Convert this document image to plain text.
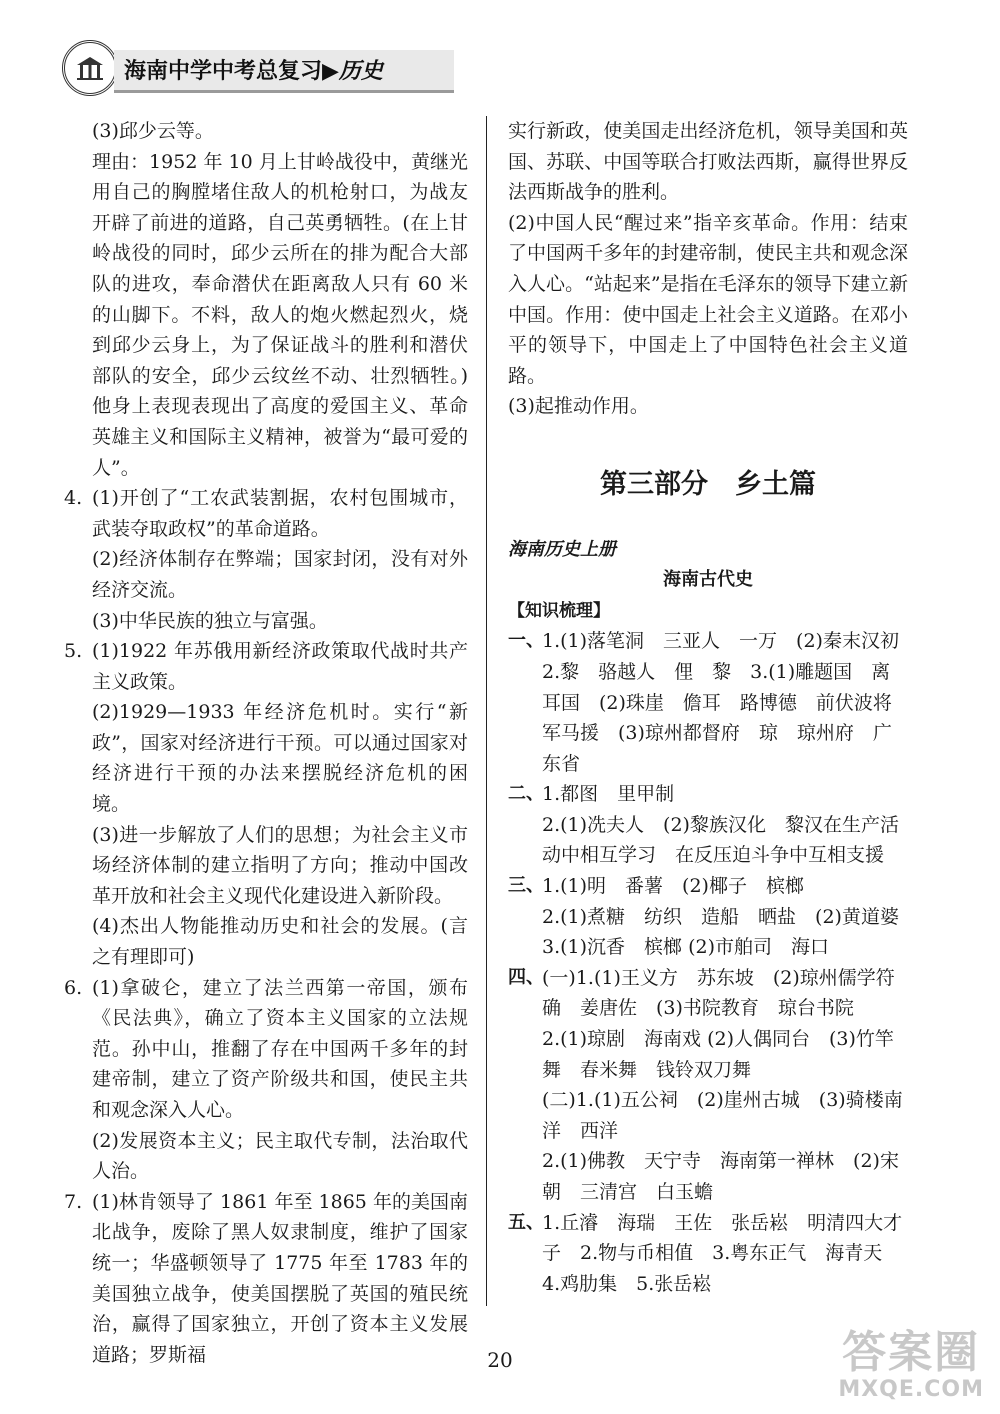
海南中学中考总复习▶历史

(3)邱少云等。

理由：1952 年 10 月上甘岭战役中，黄继光用自己的胸膛堵住敌人的机枪射口，为战友开辟了前进的道路，自己英勇牺牲。(在上甘岭战役的同时，邱少云所在的排为配合大部队的进攻，奉命潜伏在距离敌人只有 60 米的山脚下。不料，敌人的炮火燃起烈火，烧到邱少云身上，为了保证战斗的胜利和潜伏部队的安全，邱少云纹丝不动、壮烈牺牲。)他身上表现表现出了高度的爱国主义、革命英雄主义和国际主义精神，被誉为“最可爱的人”。

4. (1)开创了“工农武装割据，农村包围城市，武装夺取政权”的革命道路。

(2)经济体制存在弊端；国家封闭，没有对外经济交流。

(3)中华民族的独立与富强。

5. (1)1922 年苏俄用新经济政策取代战时共产主义政策。

(2)1929—1933 年经济危机时。实行“新政”，国家对经济进行干预。可以通过国家对经济进行干预的办法来摆脱经济危机的困境。

(3)进一步解放了人们的思想；为社会主义市场经济体制的建立指明了方向；推动中国改革开放和社会主义现代化建设进入新阶段。

(4)杰出人物能推动历史和社会的发展。(言之有理即可)

6. (1)拿破仑，建立了法兰西第一帝国，颁布《民法典》，确立了资本主义国家的立法规范。孙中山，推翻了存在中国两千多年的封建帝制，建立了资产阶级共和国，使民主共和观念深入人心。

(2)发展资本主义；民主取代专制，法治取代人治。

7. (1)林肯领导了 1861 年至 1865 年的美国南北战争，废除了黑人奴隶制度，维护了国家统一；华盛顿领导了 1775 年至 1783 年的美国独立战争，使美国摆脱了英国的殖民统治，赢得了国家独立，开创了资本主义发展道路；罗斯福

实行新政，使美国走出经济危机，领导美国和英国、苏联、中国等联合打败法西斯，赢得世界反法西斯战争的胜利。

(2)中国人民“醒过来”指辛亥革命。作用：结束了中国两千多年的封建帝制，使民主共和观念深入人心。“站起来”是指在毛泽东的领导下建立新中国。作用：使中国走上社会主义道路。在邓小平的领导下，中国走上了中国特色社会主义道路。

(3)起推动作用。

第三部分　乡土篇

海南历史上册

海南古代史

【知识梳理】

一、

1.(1)落笔洞　三亚人　一万　(2)秦末汉初

2.黎　骆越人　俚　黎　3.(1)雕题国　离耳国　(2)珠崖　儋耳　路博德　前伏波将军马援　(3)琼州都督府　琼　琼州府　广东省

二、

1.都图　里甲制

2.(1)冼夫人　(2)黎族汉化　黎汉在生产活动中相互学习　在反压迫斗争中互相支援

三、

1.(1)明　番薯　(2)椰子　槟榔

2.(1)煮糖　纺织　造船　晒盐　(2)黄道婆

3.(1)沉香　槟榔 (2)市舶司　海口

四、

(一)1.(1)王义方　苏东坡　(2)琼州儒学符确　姜唐佐　(3)书院教育　琼台书院

2.(1)琼剧　海南戏 (2)人偶同台　(3)竹竿舞　春米舞　钱铃双刀舞

(二)1.(1)五公祠　(2)崖州古城　(3)骑楼南洋　西洋

2.(1)佛教　天宁寺　海南第一禅林　(2)宋朝　三清宫　白玉蟾

五、

1.丘濬　海瑞　王佐　张岳崧　明清四大才子　2.物与币相值　3.粤东正气　海青天　4.鸡肋集　5.张岳崧

20	答案圈
MXQE.COM
